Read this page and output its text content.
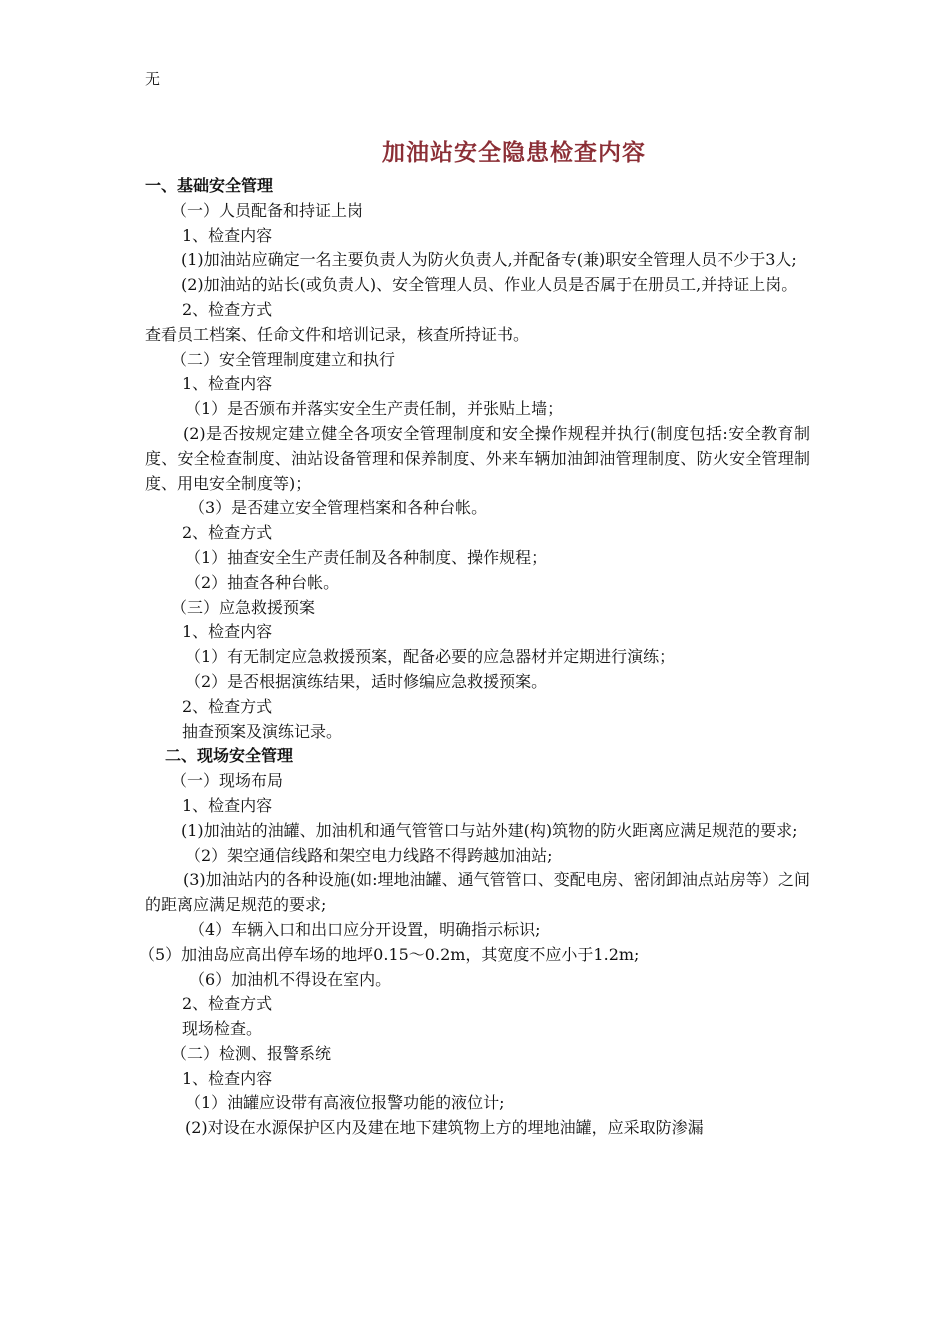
无
加油站安全隐患检查内容
一、基础安全管理
（一）人员配备和持证上岗
1、检查内容
(1)加油站应确定一名主要负责人为防火负责人,并配备专(兼)职安全管理人员不少于3人;
(2)加油站的站长(或负责人)、安全管理人员、作业人员是否属于在册员工,并持证上岗。
2、检查方式
查看员工档案、任命文件和培训记录，核查所持证书。
（二）安全管理制度建立和执行
1、检查内容
（1）是否颁布并落实安全生产责任制，并张贴上墙；
(2)是否按规定建立健全各项安全管理制度和安全操作规程并执行(制度包括:安全教育制度、安全检查制度、油站设备管理和保养制度、外来车辆加油卸油管理制度、防火安全管理制度、用电安全制度等)；
（3）是否建立安全管理档案和各种台帐。
2、检查方式
（1）抽查安全生产责任制及各种制度、操作规程；
（2）抽查各种台帐。
（三）应急救援预案
1、检查内容
（1）有无制定应急救援预案，配备必要的应急器材并定期进行演练；
（2）是否根据演练结果，适时修编应急救援预案。
2、检查方式
抽查预案及演练记录。
二、现场安全管理
（一）现场布局
1、检查内容
(1)加油站的油罐、加油机和通气管管口与站外建(构)筑物的防火距离应满足规范的要求;
（2）架空通信线路和架空电力线路不得跨越加油站;
(3)加油站内的各种设施(如:埋地油罐、通气管管口、变配电房、密闭卸油点站房等）之间的距离应满足规范的要求;
（4）车辆入口和出口应分开设置，明确指示标识;
（5）加油岛应高出停车场的地坪0.15～0.2m，其宽度不应小于1.2m;
（6）加油机不得设在室内。
2、检查方式
现场检查。
（二）检测、报警系统
1、检查内容
（1）油罐应设带有高液位报警功能的液位计;
(2)对设在水源保护区内及建在地下建筑物上方的埋地油罐，应采取防渗漏
